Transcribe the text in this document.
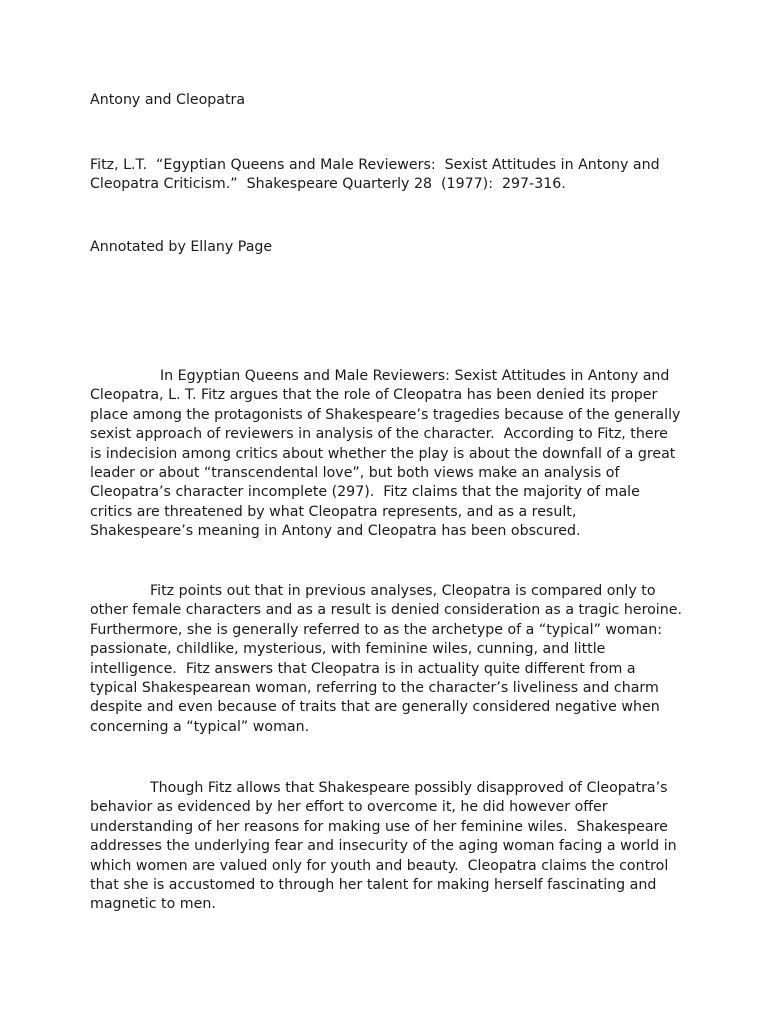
Antony and Cleopatra

Fitz, L.T.  “Egyptian Queens and Male Reviewers:  Sexist Attitudes in Antony and Cleopatra Criticism.”  Shakespeare Quarterly 28  (1977):  297-316.

Annotated by Ellany Page

In Egyptian Queens and Male Reviewers: Sexist Attitudes in Antony and Cleopatra, L. T. Fitz argues that the role of Cleopatra has been denied its proper place among the protagonists of Shakespeare’s tragedies because of the generally sexist approach of reviewers in analysis of the character.  According to Fitz, there is indecision among critics about whether the play is about the downfall of a great leader or about “transcendental love”, but both views make an analysis of Cleopatra’s character incomplete (297).  Fitz claims that the majority of male critics are threatened by what Cleopatra represents, and as a result, Shakespeare’s meaning in Antony and Cleopatra has been obscured.

Fitz points out that in previous analyses, Cleopatra is compared only to other female characters and as a result is denied consideration as a tragic heroine.  Furthermore, she is generally referred to as the archetype of a “typical” woman: passionate, childlike, mysterious, with feminine wiles, cunning, and little intelligence.  Fitz answers that Cleopatra is in actuality quite different from a typical Shakespearean woman, referring to the character’s liveliness and charm despite and even because of traits that are generally considered negative when concerning a “typical” woman.

Though Fitz allows that Shakespeare possibly disapproved of Cleopatra’s behavior as evidenced by her effort to overcome it, he did however offer understanding of her reasons for making use of her feminine wiles.  Shakespeare addresses the underlying fear and insecurity of the aging woman facing a world in which women are valued only for youth and beauty.  Cleopatra claims the control that she is accustomed to through her talent for making herself fascinating and magnetic to men.
